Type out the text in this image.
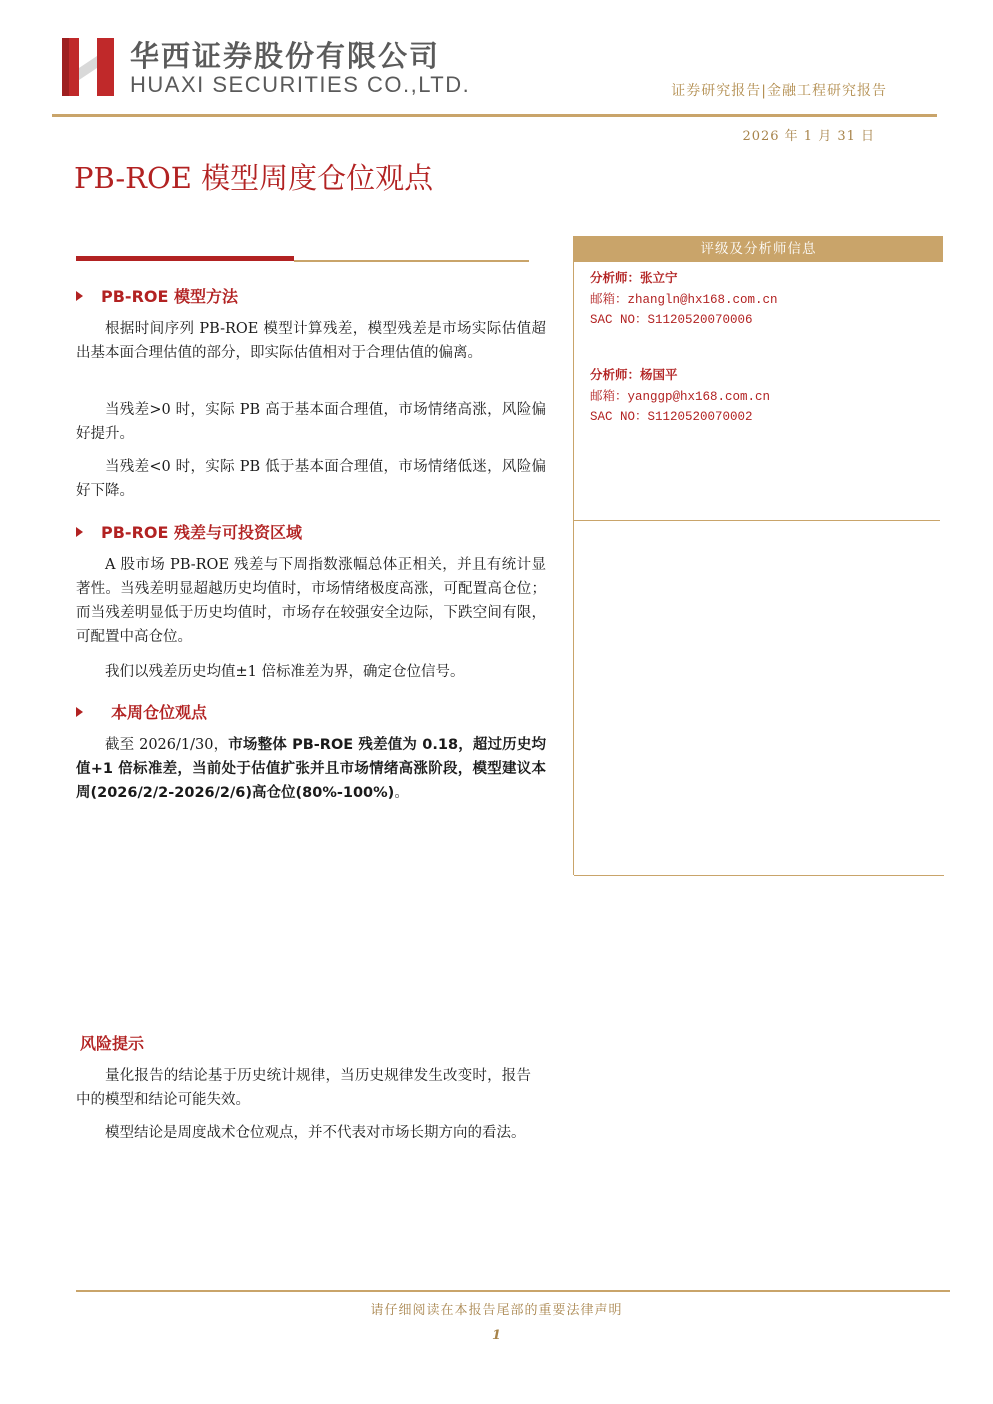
华西证券股份有限公司
HUAXI SECURITIES CO.,LTD.	证券研究报告|金融工程研究报告
2026 年 1 月 31 日
PB-ROE 模型周度仓位观点
PB-ROE 模型方法
根据时间序列 PB-ROE 模型计算残差，模型残差是市场实际估值超出基本面合理估值的部分，即实际估值相对于合理估值的偏离。
当残差>0 时，实际 PB 高于基本面合理值，市场情绪高涨，风险偏好提升。
当残差<0 时，实际 PB 低于基本面合理值，市场情绪低迷，风险偏好下降。
PB-ROE 残差与可投资区域
A 股市场 PB-ROE 残差与下周指数涨幅总体正相关，并且有统计显著性。当残差明显超越历史均值时，市场情绪极度高涨，可配置高仓位；而当残差明显低于历史均值时，市场存在较强安全边际，下跌空间有限，可配置中高仓位。
我们以残差历史均值±1 倍标准差为界，确定仓位信号。
本周仓位观点
截至 2026/1/30，市场整体 PB-ROE 残差值为 0.18，超过历史均值+1 倍标准差，当前处于估值扩张并且市场情绪高涨阶段，模型建议本周(2026/2/2-2026/2/6)高仓位(80%-100%)。
评级及分析师信息
分析师：张立宁
邮箱：zhangln@hx168.com.cn
SAC NO：S1120520070006
分析师：杨国平
邮箱：yanggp@hx168.com.cn
SAC NO：S1120520070002
风险提示
量化报告的结论基于历史统计规律，当历史规律发生改变时，报告中的模型和结论可能失效。
模型结论是周度战术仓位观点，并不代表对市场长期方向的看法。
请仔细阅读在本报告尾部的重要法律声明
1
